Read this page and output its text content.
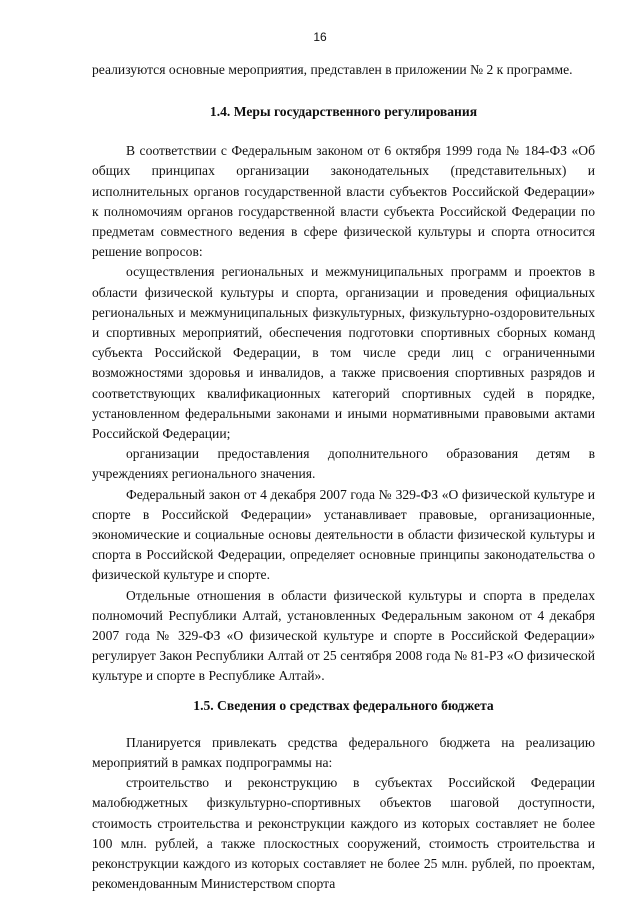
16

реализуются основные мероприятия, представлен в приложении № 2 к программе.

1.4. Меры государственного регулирования

В соответствии с Федеральным законом от 6 октября 1999 года № 184-ФЗ «Об общих принципах организации законодательных (представительных) и исполнительных органов государственной власти субъектов Российской Федерации» к полномочиям органов государственной власти субъекта Российской Федерации по предметам совместного ведения в сфере физической культуры и спорта относится решение вопросов:

осуществления региональных и межмуниципальных программ и проектов в области физической культуры и спорта, организации и проведения официальных региональных и межмуниципальных физкультурных, физкультурно-оздоровительных и спортивных мероприятий, обеспечения подготовки спортивных сборных команд субъекта Российской Федерации, в том числе среди лиц с ограниченными возможностями здоровья и инвалидов, а также присвоения спортивных разрядов и соответствующих квалификационных категорий спортивных судей в порядке, установленном федеральными законами и иными нормативными правовыми актами Российской Федерации;

организации предоставления дополнительного образования детям в учреждениях регионального значения.

Федеральный закон от 4 декабря 2007 года № 329-ФЗ «О физической культуре и спорте в Российской Федерации» устанавливает правовые, организационные, экономические и социальные основы деятельности в области физической культуры и спорта в Российской Федерации, определяет основные принципы законодательства о физической культуре и спорте.

Отдельные отношения в области физической культуры и спорта в пределах полномочий Республики Алтай, установленных Федеральным законом от 4 декабря 2007 года № 329-ФЗ «О физической культуре и спорте в Российской Федерации» регулирует Закон Республики Алтай от 25 сентября 2008 года № 81-РЗ «О физической культуре и спорте в Республике Алтай».

1.5. Сведения о средствах федерального бюджета

Планируется привлекать средства федерального бюджета на реализацию мероприятий в рамках подпрограммы на:

строительство и реконструкцию в субъектах Российской Федерации малобюджетных физкультурно-спортивных объектов шаговой доступности, стоимость строительства и реконструкции каждого из которых составляет не более 100 млн. рублей, а также плоскостных сооружений, стоимость строительства и реконструкции каждого из которых составляет не более 25 млн. рублей, по проектам, рекомендованным Министерством спорта
